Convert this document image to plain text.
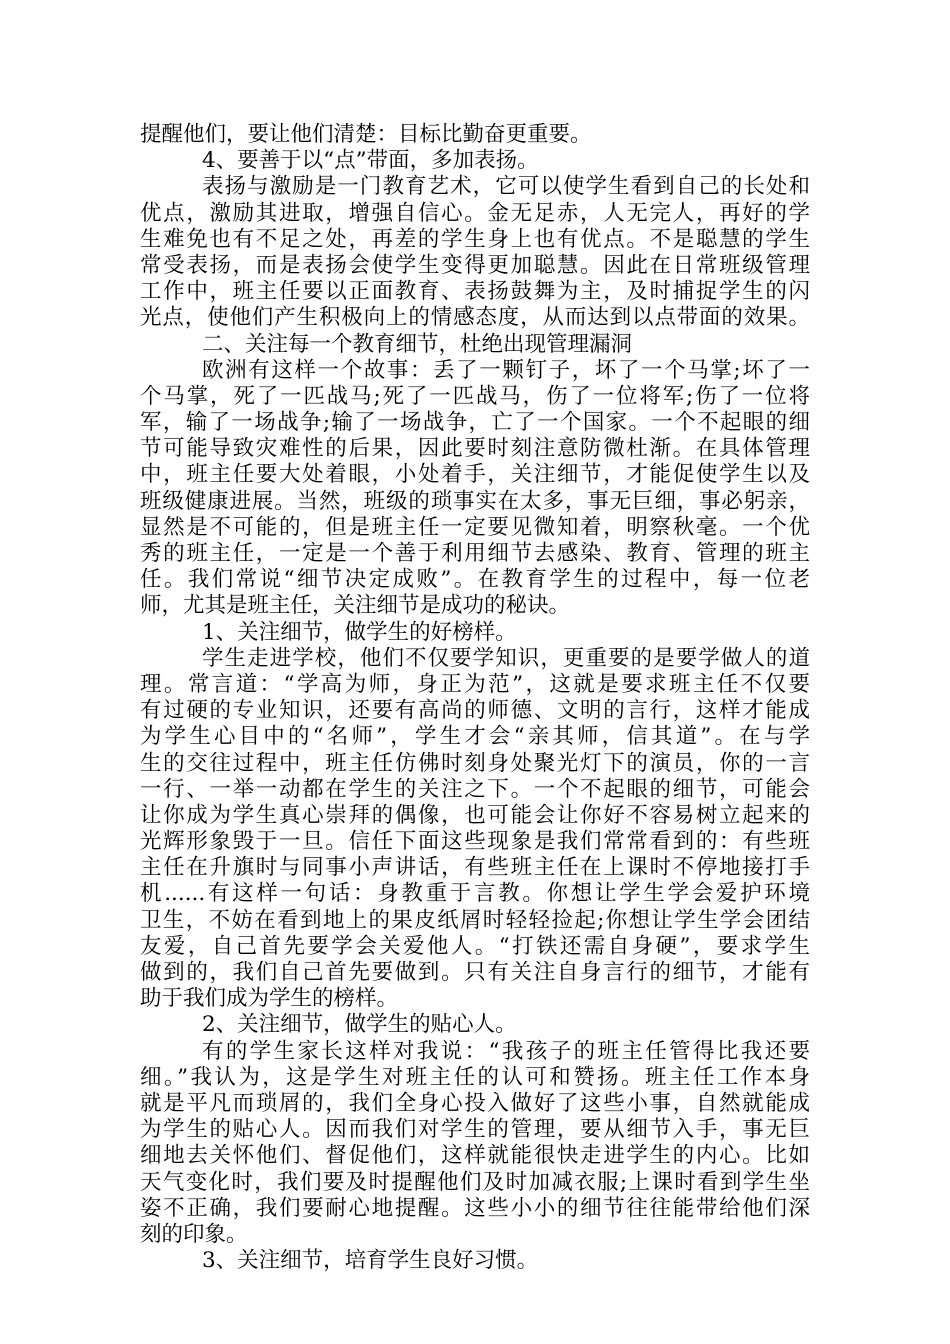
提醒他们，要让他们清楚：目标比勤奋更重要。
4、要善于以“点”带面，多加表扬。
表扬与激励是一门教育艺术，它可以使学生看到自己的长处和
优点，激励其进取，增强自信心。金无足赤，人无完人，再好的学
生难免也有不足之处，再差的学生身上也有优点。不是聪慧的学生
常受表扬，而是表扬会使学生变得更加聪慧。因此在日常班级管理
工作中，班主任要以正面教育、表扬鼓舞为主，及时捕捉学生的闪
光点，使他们产生积极向上的情感态度，从而达到以点带面的效果。
二、关注每一个教育细节，杜绝出现管理漏洞
欧洲有这样一个故事：丢了一颗钉子，坏了一个马掌;坏了一
个马掌，死了一匹战马;死了一匹战马，伤了一位将军;伤了一位将
军，输了一场战争;输了一场战争，亡了一个国家。一个不起眼的细
节可能导致灾难性的后果，因此要时刻注意防微杜渐。在具体管理
中，班主任要大处着眼，小处着手，关注细节，才能促使学生以及
班级健康进展。当然，班级的琐事实在太多，事无巨细，事必躬亲，
显然是不可能的，但是班主任一定要见微知着，明察秋毫。一个优
秀的班主任，一定是一个善于利用细节去感染、教育、管理的班主
任。我们常说“细节决定成败”。在教育学生的过程中，每一位老
师，尤其是班主任，关注细节是成功的秘诀。
1、关注细节，做学生的好榜样。
学生走进学校，他们不仅要学知识，更重要的是要学做人的道
理。常言道：“学高为师，身正为范”，这就是要求班主任不仅要
有过硬的专业知识，还要有高尚的师德、文明的言行，这样才能成
为学生心目中的“名师”，学生才会“亲其师，信其道”。在与学
生的交往过程中，班主任仿佛时刻身处聚光灯下的演员，你的一言
一行、一举一动都在学生的关注之下。一个不起眼的细节，可能会
让你成为学生真心崇拜的偶像，也可能会让你好不容易树立起来的
光辉形象毁于一旦。信任下面这些现象是我们常常看到的：有些班
主任在升旗时与同事小声讲话，有些班主任在上课时不停地接打手
机......有这样一句话：身教重于言教。你想让学生学会爱护环境
卫生，不妨在看到地上的果皮纸屑时轻轻捡起;你想让学生学会团结
友爱，自己首先要学会关爱他人。“打铁还需自身硬”，要求学生
做到的，我们自己首先要做到。只有关注自身言行的细节，才能有
助于我们成为学生的榜样。
2、关注细节，做学生的贴心人。
有的学生家长这样对我说：“我孩子的班主任管得比我还要
细。”我认为，这是学生对班主任的认可和赞扬。班主任工作本身
就是平凡而琐屑的，我们全身心投入做好了这些小事，自然就能成
为学生的贴心人。因而我们对学生的管理，要从细节入手，事无巨
细地去关怀他们、督促他们，这样就能很快走进学生的内心。比如
天气变化时，我们要及时提醒他们及时加减衣服;上课时看到学生坐
姿不正确，我们要耐心地提醒。这些小小的细节往往能带给他们深
刻的印象。
3、关注细节，培育学生良好习惯。
